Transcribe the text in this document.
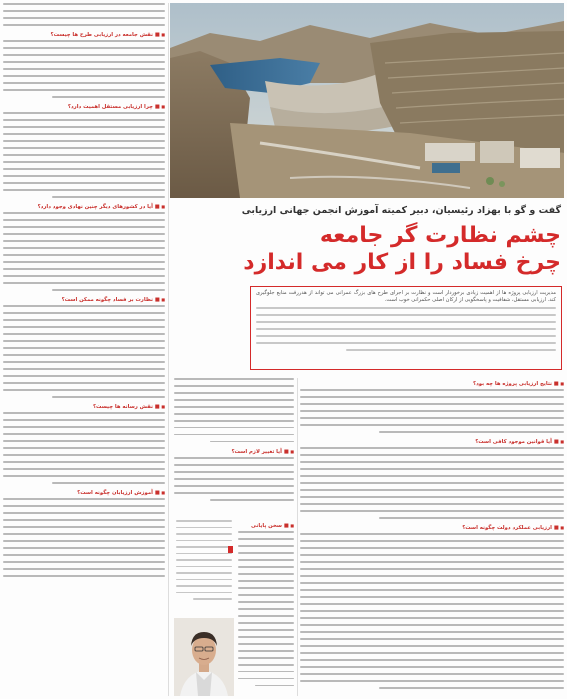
گفت و گو با بهزاد رئیسیان، دبیر کمیته آموزش انجمن جهانی ارزیابی
چشم نظارت گر جامعه
چرخ فساد را از کار می اندازد
مدیریت ارزیابی پروژه ها از اهمیت زیادی برخوردار است و نظارت بر اجرای طرح های بزرگ عمرانی می تواند از هدررفت منابع جلوگیری کند. ارزیابی مستقل، شفافیت و پاسخگویی از ارکان اصلی حکمرانی خوب است.
■ ■ نقش جامعه در ارزیابی طرح ها چیست؟
■ ■ چرا ارزیابی مستقل اهمیت دارد؟
■ ■ آیا در کشورهای دیگر چنین نهادی وجود دارد؟
■ ■ نظارت بر فساد چگونه ممکن است؟
■ ■ نقش رسانه ها چیست؟
■ ■ آموزش ارزیابان چگونه است؟
■ ■ نتایج ارزیابی پروژه ها چه بود؟
■ ■ آیا قوانین موجود کافی است؟
■ ■ ارزیابی عملکرد دولت چگونه است؟
■ ■ آیا تغییر لازم است؟
■ ■ سخن پایانی
